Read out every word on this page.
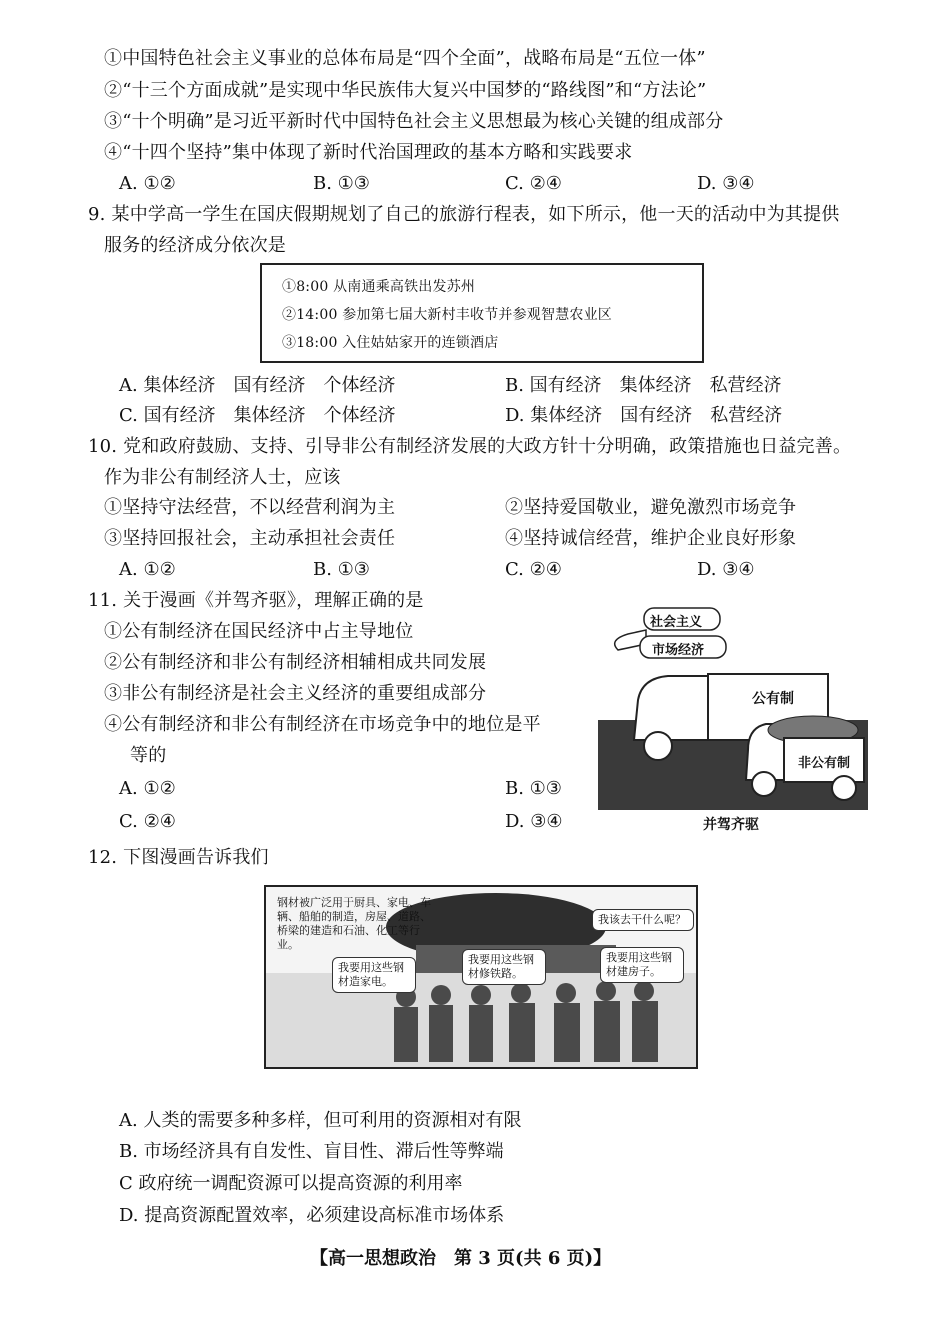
①中国特色社会主义事业的总体布局是“四个全面”，战略布局是“五位一体”
②“十三个方面成就”是实现中华民族伟大复兴中国梦的“路线图”和“方法论”
③“十个明确”是习近平新时代中国特色社会主义思想最为核心关键的组成部分
④“十四个坚持”集中体现了新时代治国理政的基本方略和实践要求
A. ①②	B. ①③	C. ②④	D. ③④
9. 某中学高一学生在国庆假期规划了自己的旅游行程表，如下所示，他一天的活动中为其提供
服务的经济成分依次是
①8:00 从南通乘高铁出发苏州
②14:00 参加第七届大新村丰收节并参观智慧农业区
③18:00 入住姑姑家开的连锁酒店
A. 集体经济　国有经济　个体经济	B. 国有经济　集体经济　私营经济
C. 国有经济　集体经济　个体经济	D. 集体经济　国有经济　私营经济
10. 党和政府鼓励、支持、引导非公有制经济发展的大政方针十分明确，政策措施也日益完善。
作为非公有制经济人士，应该
①坚持守法经营，不以经营利润为主	②坚持爱国敬业，避免激烈市场竞争
③坚持回报社会，主动承担社会责任	④坚持诚信经营，维护企业良好形象
A. ①②	B. ①③	C. ②④	D. ③④
11. 关于漫画《并驾齐驱》，理解正确的是
①公有制经济在国民经济中占主导地位
②公有制经济和非公有制经济相辅相成共同发展
③非公有制经济是社会主义经济的重要组成部分
④公有制经济和非公有制经济在市场竞争中的地位是平
等的
A. ①②	B. ①③
C. ②④	D. ③④
社会主义
市场经济
公有制
非公有制
并驾齐驱
12. 下图漫画告诉我们
钢材被广泛用于厨具、家电、车辆、船舶的制造，房屋、道路、桥梁的建造和石油、化工等行业。
我该去干什么呢？
我要用这些钢材修铁路。
我要用这些钢材建房子。
我要用这些钢材造家电。
A. 人类的需要多种多样，但可利用的资源相对有限
B. 市场经济具有自发性、盲目性、滞后性等弊端
C 政府统一调配资源可以提高资源的利用率
D. 提高资源配置效率，必须建设高标准市场体系
【高一思想政治　第 3 页(共 6 页)】
